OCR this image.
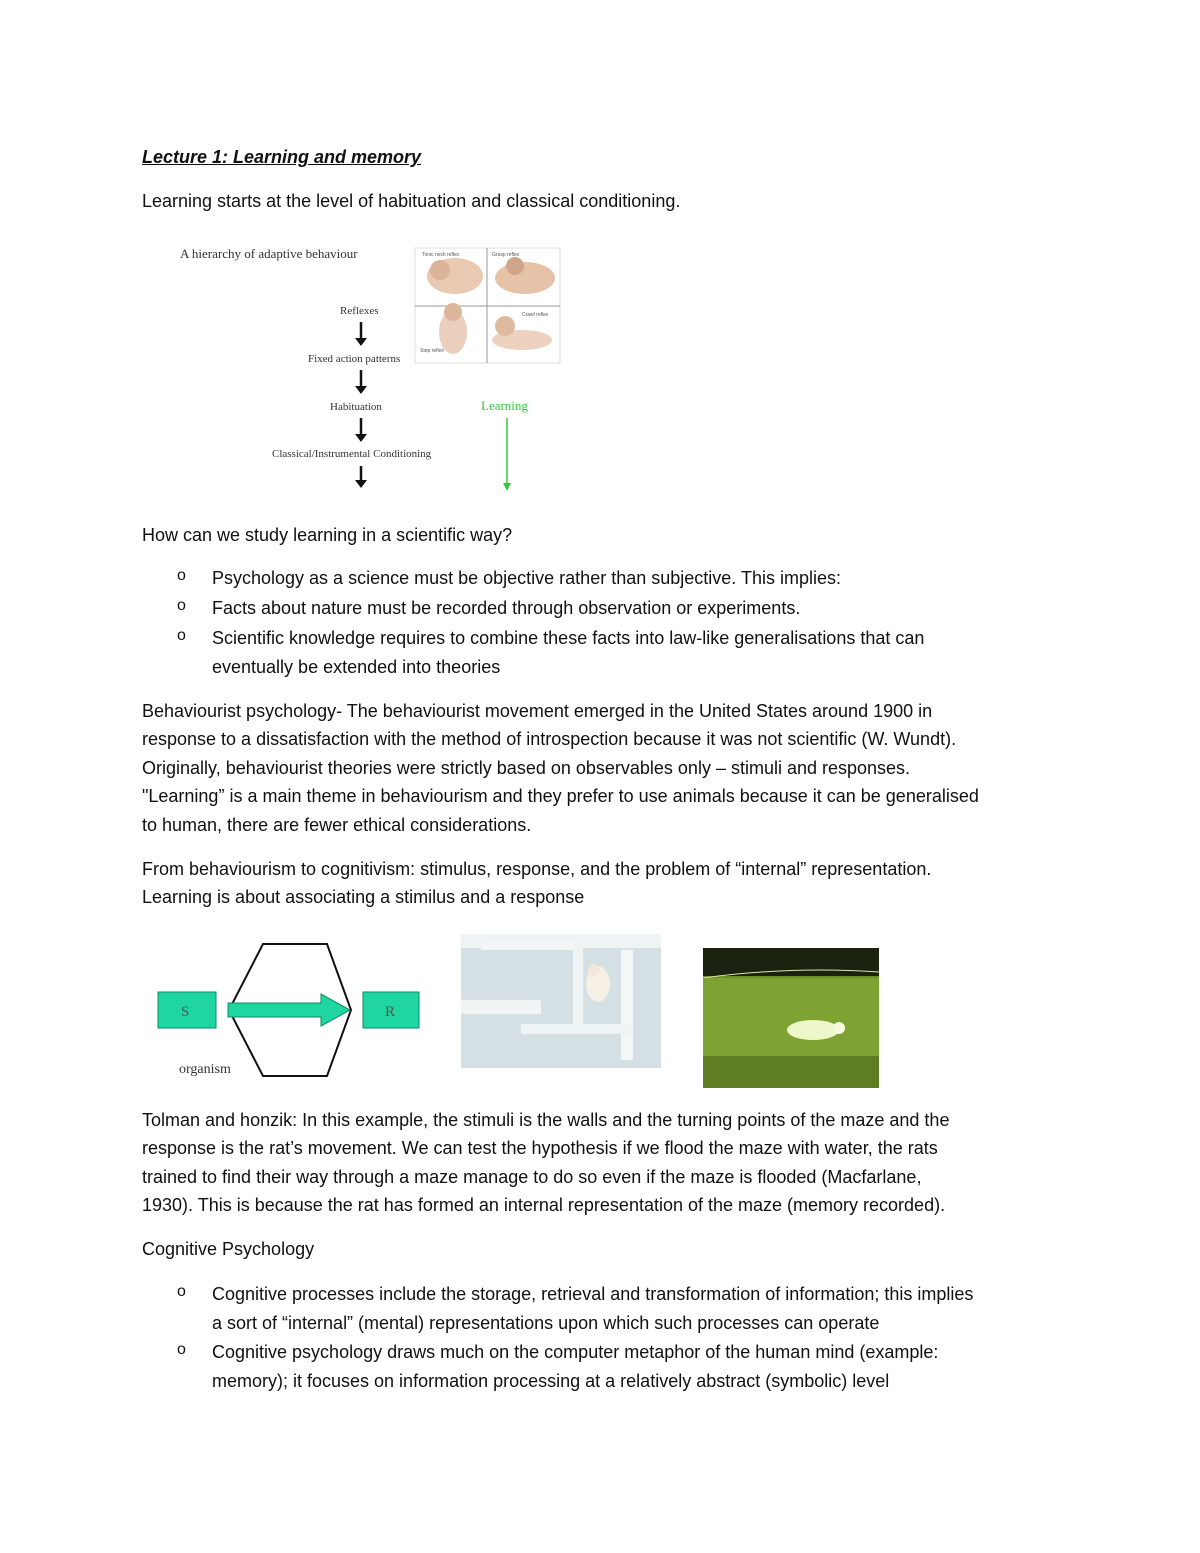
Lecture 1: Learning and memory
Learning starts at the level of habituation and classical conditioning.
A hierarchy of adaptive behaviour
Reflexes
Fixed action patterns
Habituation
Classical/Instrumental Conditioning
Learning
Tonic neck reflex	Grasp reflex
Step reflex
Crawl reflex
How can we study learning in a scientific way?
o Psychology as a science must be objective rather than subjective. This implies:
o Facts about nature must be recorded through observation or experiments.
o Scientific knowledge requires to combine these facts into law-like generalisations that can
eventually be extended into theories
Behaviourist psychology- The behaviourist movement emerged in the United States around 1900 in
response to a dissatisfaction with the method of introspection because it was not scientific (W. Wundt).
Originally, behaviourist theories were strictly based on observables only – stimuli and responses.
"Learning” is a main theme in behaviourism and they prefer to use animals because it can be generalised
to human, there are fewer ethical considerations.
From behaviourism to cognitivism: stimulus, response, and the problem of “internal” representation.
Learning is about associating a stimilus and a response
S	R
organism
Tolman and honzik: In this example, the stimuli is the walls and the turning points of the maze and the
response is the rat’s movement. We can test the hypothesis if we flood the maze with water, the rats
trained to find their way through a maze manage to do so even if the maze is flooded (Macfarlane,
1930). This is because the rat has formed an internal representation of the maze (memory recorded).
Cognitive Psychology
o Cognitive processes include the storage, retrieval and transformation of information; this implies
a sort of “internal” (mental) representations upon which such processes can operate
o Cognitive psychology draws much on the computer metaphor of the human mind (example:
memory); it focuses on information processing at a relatively abstract (symbolic) level
